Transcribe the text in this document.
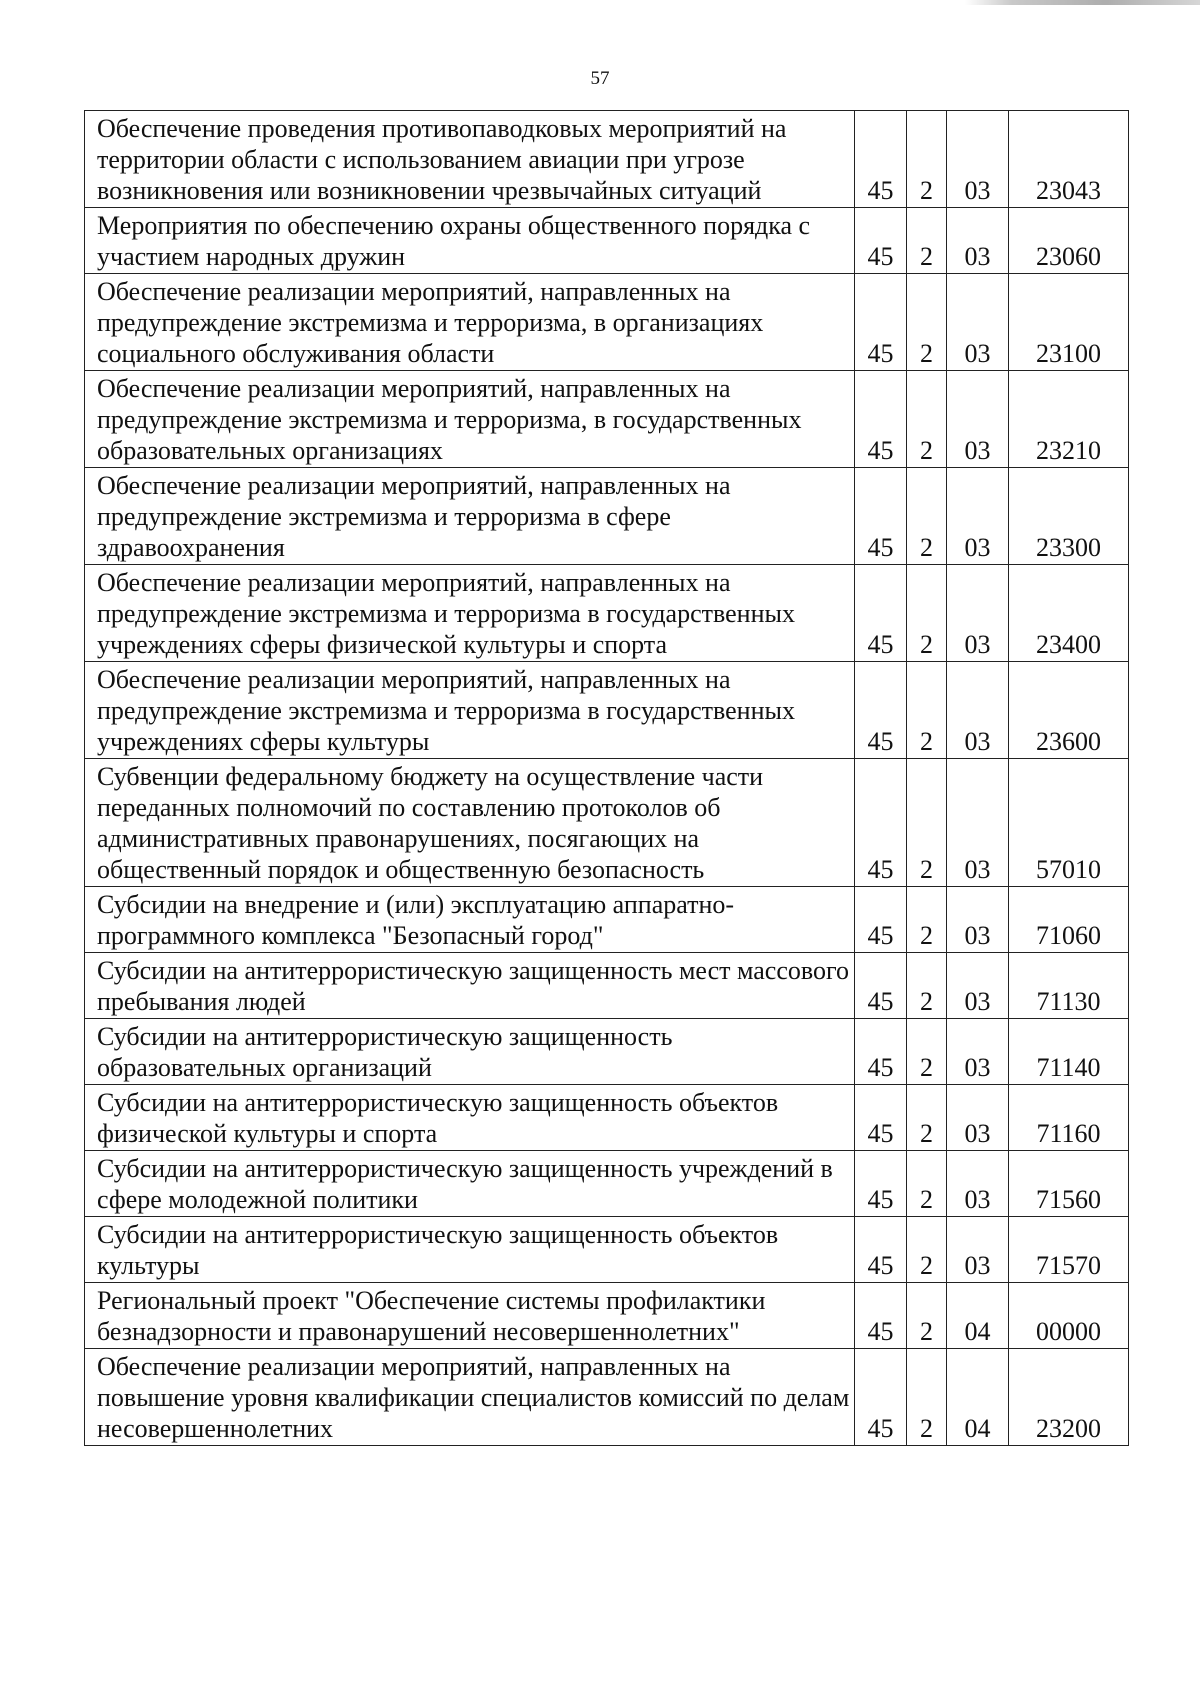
57
Обеспечение проведения противопаводковых мероприятий на территории области с использованием авиации при угрозе возникновения или возникновении чрезвычайных ситуаций	45	2	03	23043
Мероприятия по обеспечению охраны общественного порядка с участием народных дружин	45	2	03	23060
Обеспечение реализации мероприятий, направленных на предупреждение экстремизма и терроризма, в организациях социального обслуживания области	45	2	03	23100
Обеспечение реализации мероприятий, направленных на предупреждение экстремизма и терроризма, в государственных образовательных организациях	45	2	03	23210
Обеспечение реализации мероприятий, направленных на предупреждение экстремизма и терроризма в сфере здравоохранения	45	2	03	23300
Обеспечение реализации мероприятий, направленных на предупреждение экстремизма и терроризма в государственных учреждениях сферы физической культуры и спорта	45	2	03	23400
Обеспечение реализации мероприятий, направленных на предупреждение экстремизма и терроризма в государственных учреждениях сферы культуры	45	2	03	23600
Субвенции федеральному бюджету на осуществление части переданных полномочий по составлению протоколов об административных правонарушениях, посягающих на общественный порядок и общественную безопасность	45	2	03	57010
Субсидии на внедрение и (или) эксплуатацию аппаратно-программного комплекса "Безопасный город"	45	2	03	71060
Субсидии на антитеррористическую защищенность мест массового пребывания людей	45	2	03	71130
Субсидии на антитеррористическую защищенность образовательных организаций	45	2	03	71140
Субсидии на антитеррористическую защищенность объектов физической культуры и спорта	45	2	03	71160
Субсидии на антитеррористическую защищенность учреждений в сфере молодежной политики	45	2	03	71560
Субсидии на антитеррористическую защищенность объектов культуры	45	2	03	71570
Региональный проект "Обеспечение системы профилактики безнадзорности и правонарушений несовершеннолетних"	45	2	04	00000
Обеспечение реализации мероприятий, направленных на повышение уровня квалификации специалистов комиссий по делам несовершеннолетних	45	2	04	23200
